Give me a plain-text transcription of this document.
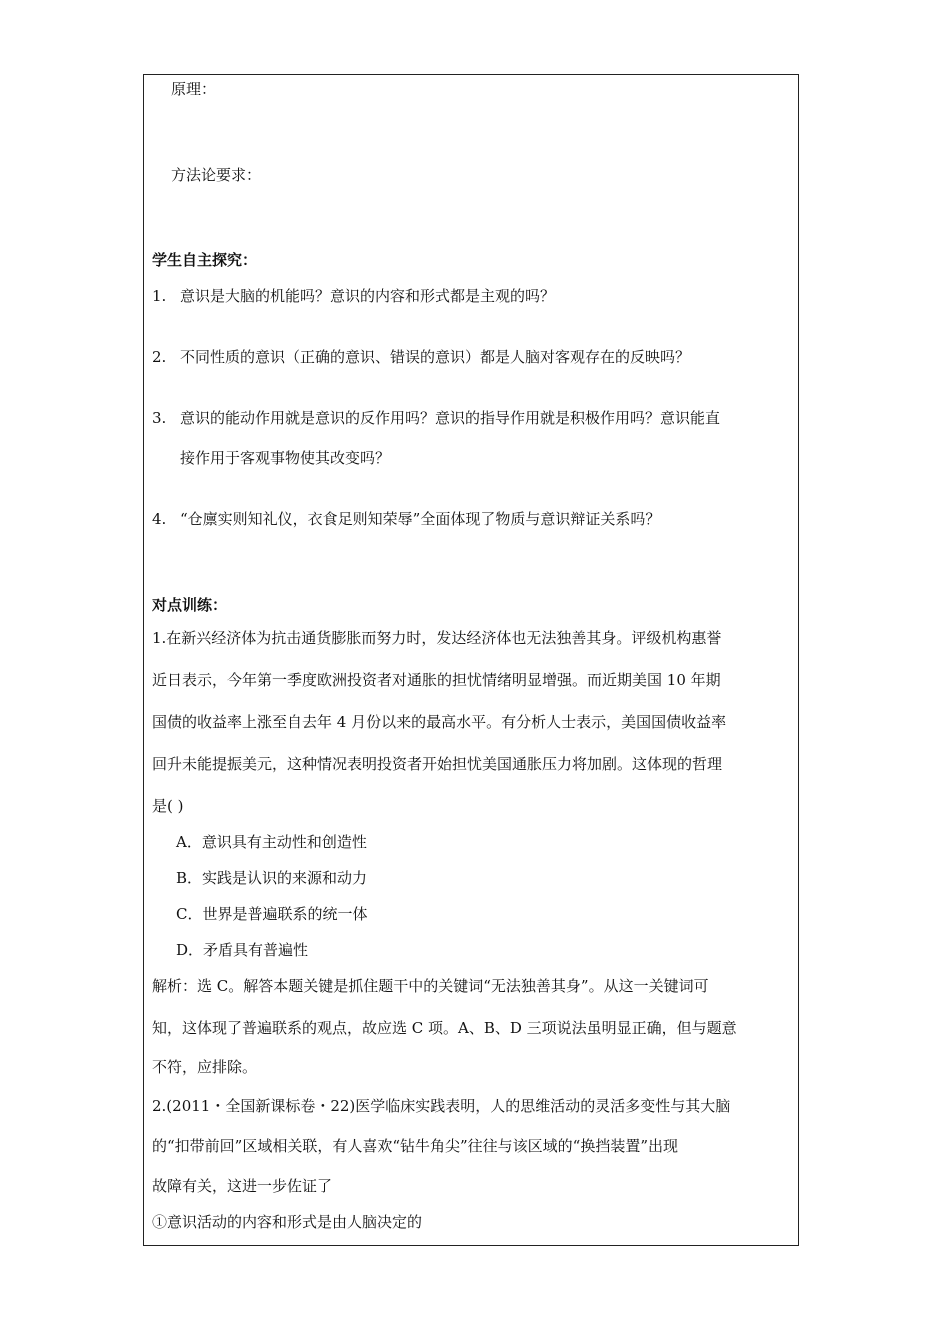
原理：
方法论要求：
学生自主探究：
1. 意识是大脑的机能吗？意识的内容和形式都是主观的吗？
2. 不同性质的意识（正确的意识、错误的意识）都是人脑对客观存在的反映吗？
3. 意识的能动作用就是意识的反作用吗？意识的指导作用就是积极作用吗？意识能直
接作用于客观事物使其改变吗？
4. “仓廪实则知礼仪，衣食足则知荣辱”全面体现了物质与意识辩证关系吗？
对点训练：
1.在新兴经济体为抗击通货膨胀而努力时，发达经济体也无法独善其身。评级机构惠誉
近日表示，今年第一季度欧洲投资者对通胀的担忧情绪明显增强。而近期美国 10 年期
国债的收益率上涨至自去年 4 月份以来的最高水平。有分析人士表示，美国国债收益率
回升未能提振美元，这种情况表明投资者开始担忧美国通胀压力将加剧。这体现的哲理
是( )
A．意识具有主动性和创造性
B．实践是认识的来源和动力
C．世界是普遍联系的统一体
D．矛盾具有普遍性
解析：选 C。解答本题关键是抓住题干中的关键词“无法独善其身”。从这一关键词可
知，这体现了普遍联系的观点，故应选 C 项。A、B、D 三项说法虽明显正确，但与题意
不符，应排除。
2.(2011・全国新课标卷・22)医学临床实践表明，人的思维活动的灵活多变性与其大脑
的“扣带前回”区域相关联，有人喜欢“钻牛角尖”往往与该区域的“换挡装置”出现
故障有关，这进一步佐证了
①意识活动的内容和形式是由人脑决定的
